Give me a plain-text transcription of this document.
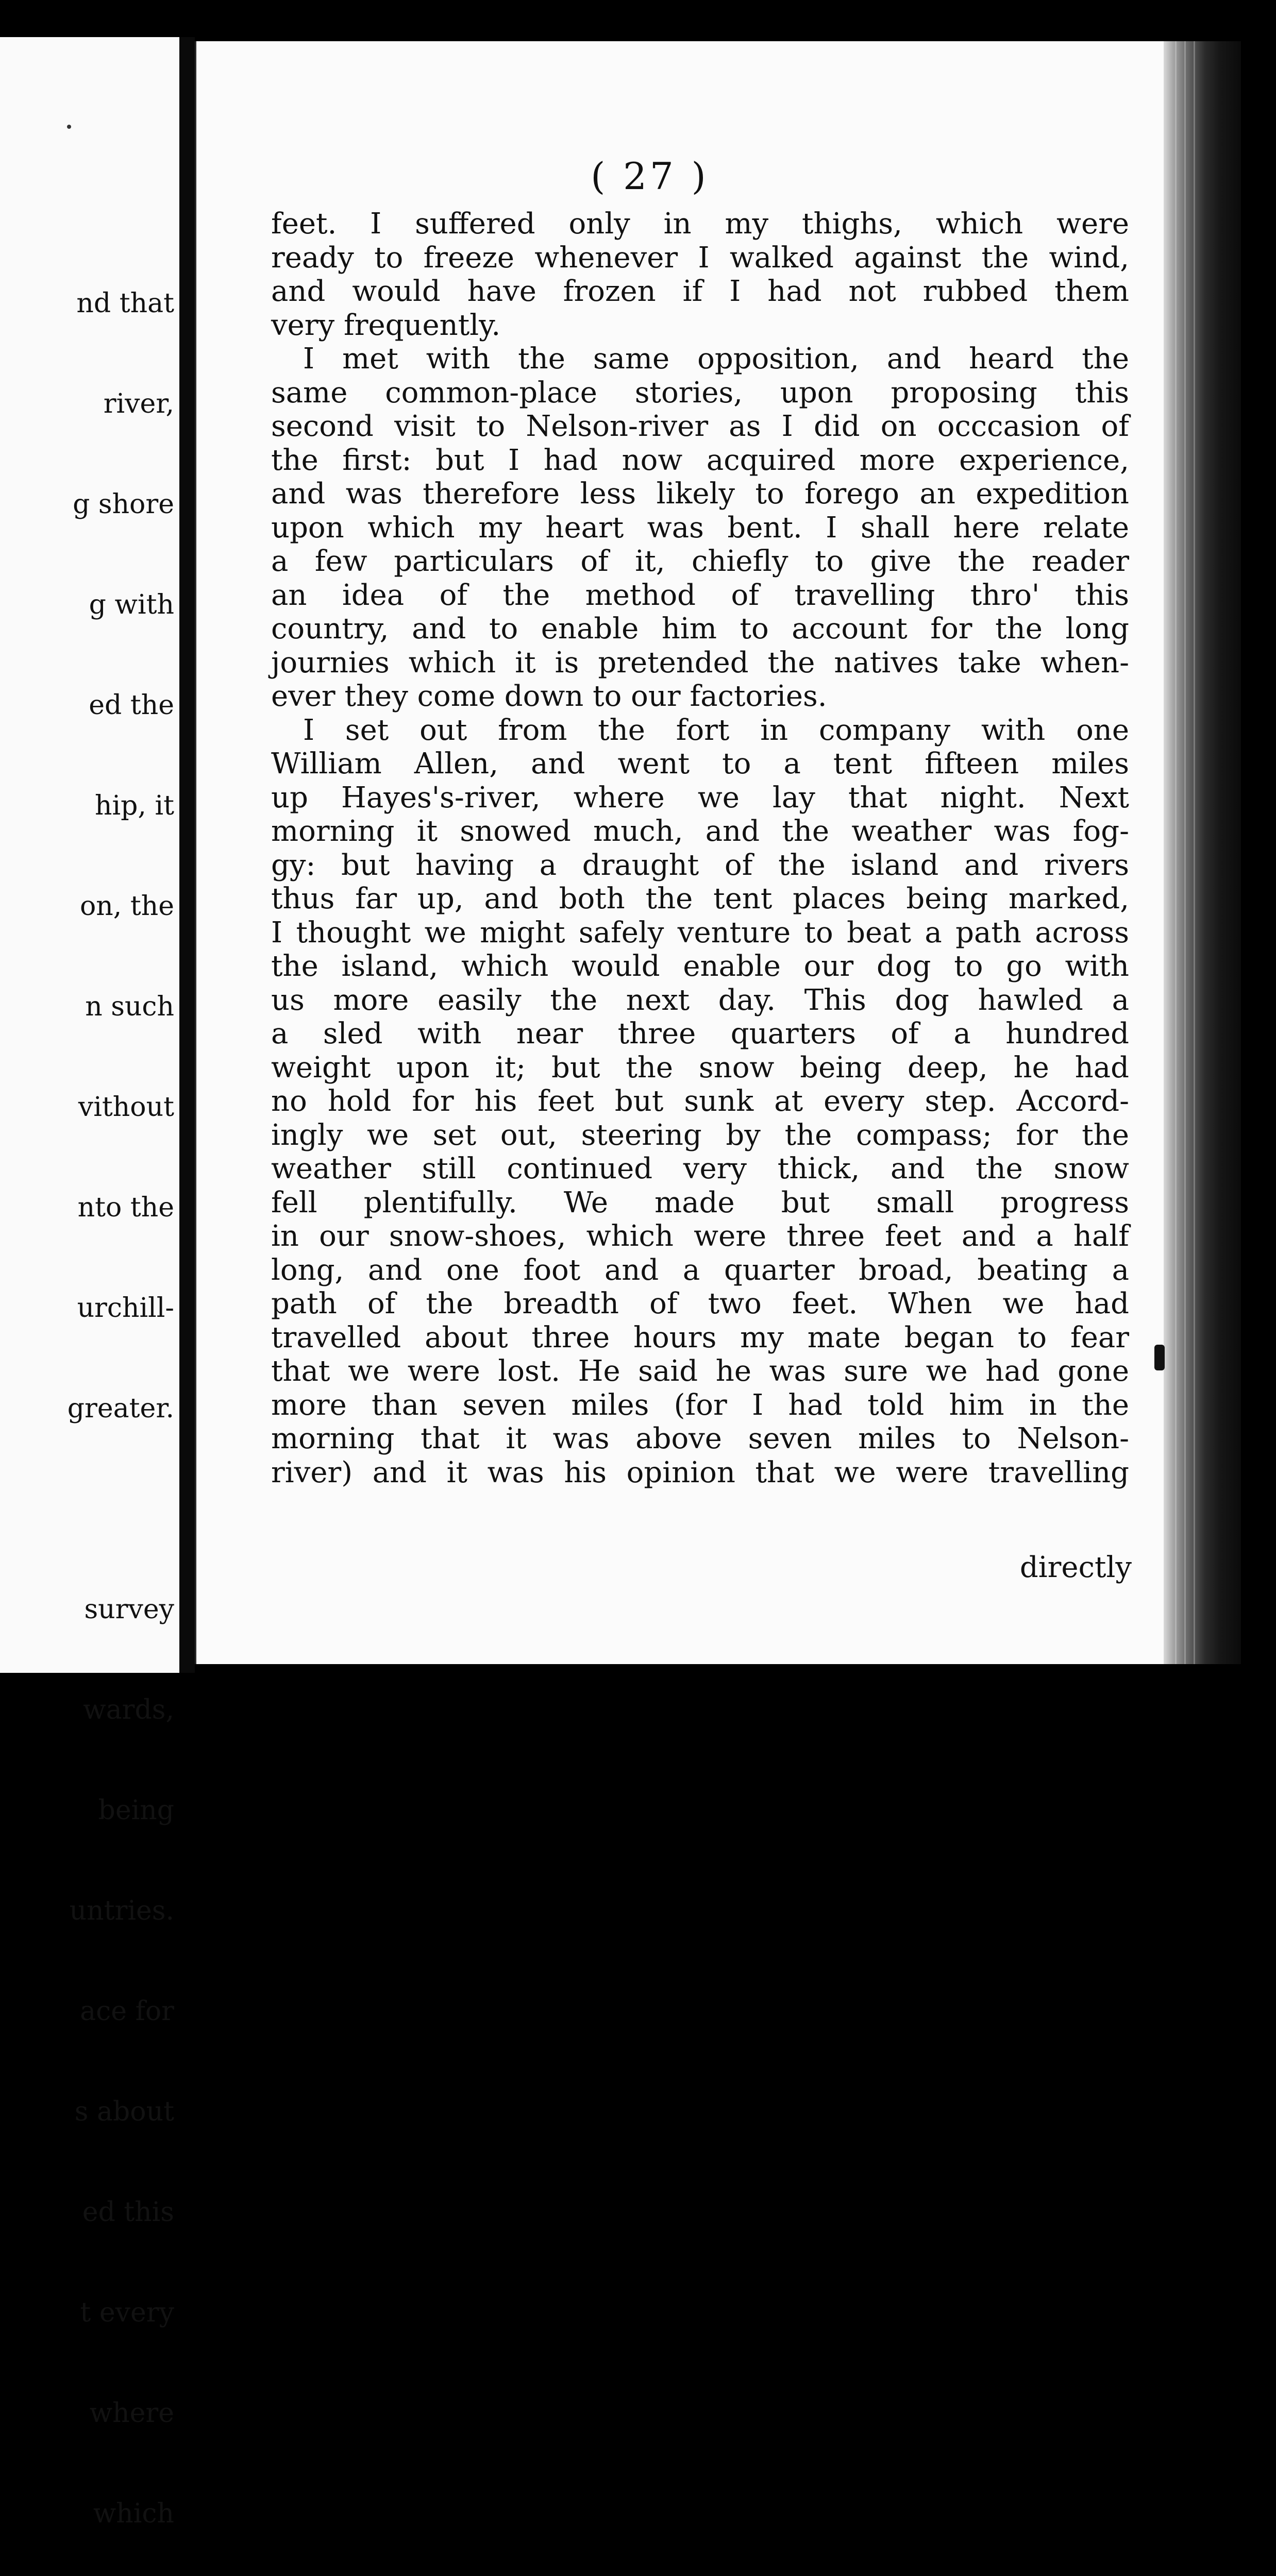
nd that

river,

g shore

g with

ed the

hip, it

on, the

n such

vithout

nto the

urchill-

greater.

survey

wards,

being

untries.

ace for

s about

ed this

t every

where

which

( 27 )
feet. I suffered only in my thighs, which were
ready to freeze whenever I walked against the wind,
and would have frozen if I had not rubbed them
very frequently.
I met with the same opposition, and heard the
same common-place stories, upon proposing this
second visit to Nelson-river as I did on occcasion of
the first: but I had now acquired more experience,
and was therefore less likely to forego an expedition
upon which my heart was bent. I shall here relate
a few particulars of it, chiefly to give the reader
an idea of the method of travelling thro' this
country, and to enable him to account for the long
journies which it is pretended the natives take when-
ever they come down to our factories.
I set out from the fort in company with one
William Allen, and went to a tent fifteen miles
up Hayes's-river, where we lay that night. Next
morning it snowed much, and the weather was fog-
gy: but having a draught of the island and rivers
thus far up, and both the tent places being marked,
I thought we might safely venture to beat a path across
the island, which would enable our dog to go with
us more easily the next day. This dog hawled a
a sled with near three quarters of a hundred
weight upon it; but the snow being deep, he had
no hold for his feet but sunk at every step. Accord-
ingly we set out, steering by the compass; for the
weather still continued very thick, and the snow
fell plentifully. We made but small progress
in our snow-shoes, which were three feet and a half
long, and one foot and a quarter broad, beating a
path of the breadth of two feet. When we had
travelled about three hours my mate began to fear
that we were lost. He said he was sure we had gone
more than seven miles (for I had told him in the
morning that it was above seven miles to Nelson-
river) and it was his opinion that we were travelling
directly
